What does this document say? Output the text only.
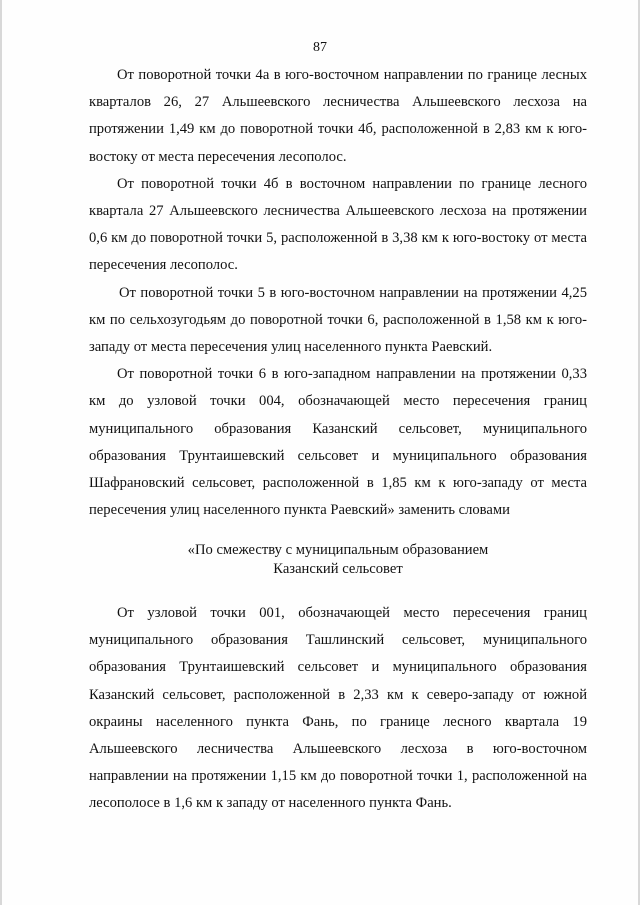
87

От поворотной точки 4а в юго-восточном направлении по границе лесных кварталов 26, 27 Альшеевского лесничества Альшеевского лесхоза на протяжении 1,49 км до поворотной точки 4б, расположенной в 2,83 км к юго-востоку от места пересечения лесополос.

От поворотной точки 4б в восточном направлении по границе лесного квартала 27 Альшеевского лесничества Альшеевского лесхоза на протяжении 0,6 км до поворотной точки 5, расположенной в 3,38 км к юго-востоку от места пересечения лесополос.

От поворотной точки 5 в юго-восточном направлении на протяжении 4,25 км по сельхозугодьям до поворотной точки 6, расположенной в 1,58 км к юго-западу от места пересечения улиц населенного пункта Раевский.

От поворотной точки 6 в юго-западном направлении на протяжении 0,33 км до узловой точки 004, обозначающей место пересечения границ муниципального образования Казанский сельсовет, муниципального образования Трунтаишевский сельсовет и муниципального образования Шафрановский сельсовет, расположенной в 1,85 км к юго-западу от места пересечения улиц населенного пункта Раевский» заменить словами

«По смежеству с муниципальным образованием
Казанский сельсовет

От узловой точки 001, обозначающей место пересечения границ муниципального образования Ташлинский сельсовет, муниципального образования Трунтаишевский сельсовет и муниципального образования Казанский сельсовет, расположенной в 2,33 км к северо-западу от южной окраины населенного пункта Фань, по границе лесного квартала 19 Альшеевского лесничества Альшеевского лесхоза в юго-восточном направлении на протяжении 1,15 км до поворотной точки 1, расположенной на лесополосе в 1,6 км к западу от населенного пункта Фань.
